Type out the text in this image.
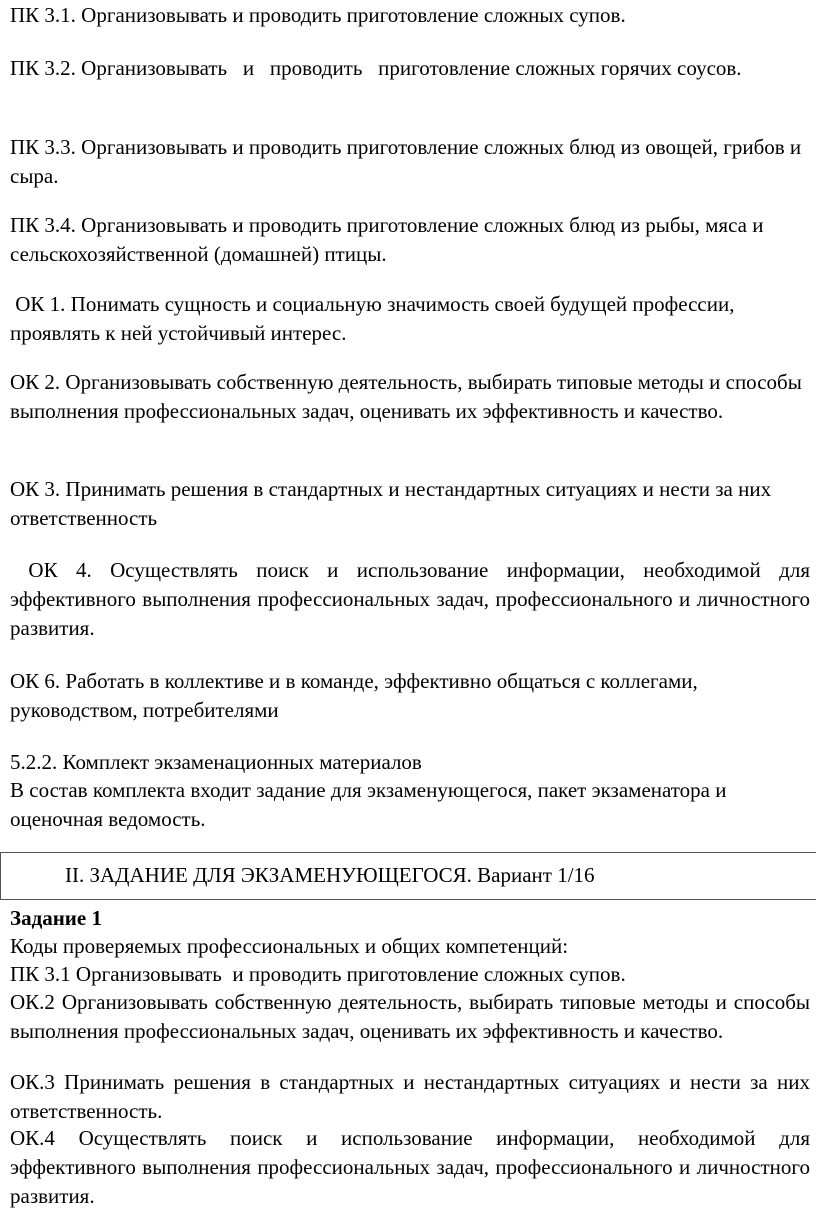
ПК 3.1. Организовывать и проводить приготовление сложных супов.

ПК 3.2. Организовывать   и   проводить   приготовление сложных горячих соусов.

ПК 3.3. Организовывать и проводить приготовление сложных блюд из овощей, грибов и сыра.

ПК 3.4. Организовывать и проводить приготовление сложных блюд из рыбы, мяса и сельскохозяйственной (домашней) птицы.

ОК 1. Понимать сущность и социальную значимость своей будущей профессии, проявлять к ней устойчивый интерес.

ОК 2. Организовывать собственную деятельность, выбирать типовые методы и способы выполнения профессиональных задач, оценивать их эффективность и качество.

ОК 3. Принимать решения в стандартных и нестандартных ситуациях и нести за них ответственность

ОК 4. Осуществлять поиск и использование информации, необходимой для эффективного выполнения профессиональных задач, профессионального и личностного развития.

ОК 6. Работать в коллективе и в команде, эффективно общаться с коллегами, руководством, потребителями

5.2.2. Комплект экзаменационных материалов

В состав комплекта входит задание для экзаменующегося, пакет экзаменатора и оценочная ведомость.

II. ЗАДАНИЕ ДЛЯ ЭКЗАМЕНУЮЩЕГОСЯ. Вариант 1/16

Задание 1

Коды проверяемых профессиональных и общих компетенций:

ПК 3.1 Организовывать  и проводить приготовление сложных супов.

ОК.2 Организовывать собственную деятельность, выбирать типовые методы и способы выполнения профессиональных задач, оценивать их эффективность и качество.

ОК.3 Принимать решения в стандартных и нестандартных ситуациях и нести за них ответственность.

ОК.4 Осуществлять поиск и использование информации, необходимой для эффективного выполнения профессиональных задач, профессионального и личностного развития.
